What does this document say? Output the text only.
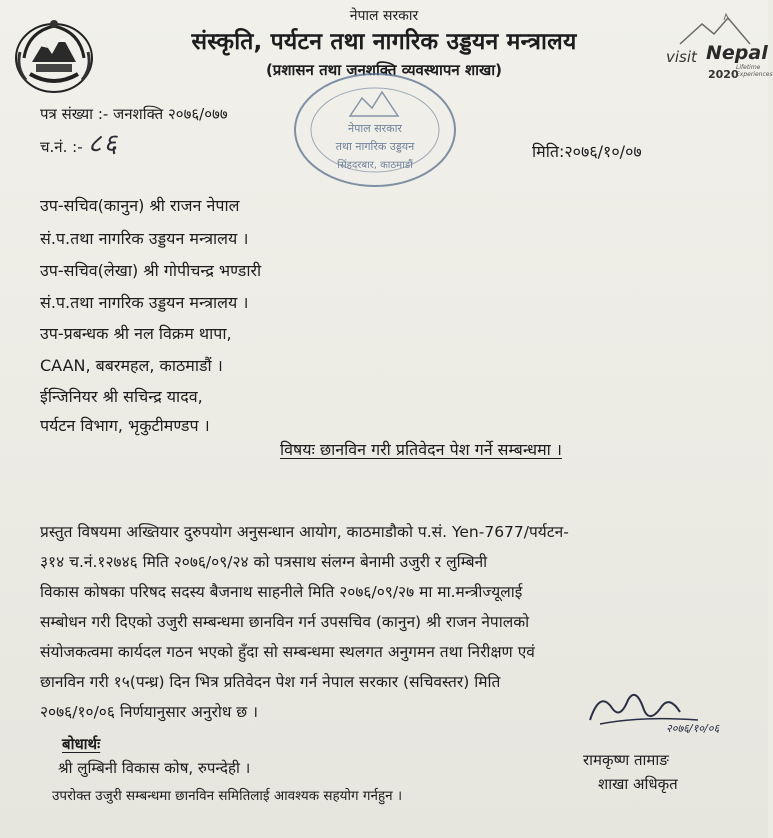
नेपाल सरकार
संस्कृति, पर्यटन तथा नागरिक उड्डयन मन्त्रालय
(प्रशासन तथा जनशक्ति व्यवस्थापन शाखा)
visit Nepal
2020
Lifetime Experiences
नेपाल सरकार
तथा नागरिक उड्डयन
सिंहदरबार, काठमाडौं
पत्र संख्या :- जनशक्ति २०७६/०७७
च.नं. :- ८६	मिति:२०७६/१०/०७
उप-सचिव(कानुन) श्री राजन नेपाल
सं.प.तथा नागरिक उड्डयन मन्त्रालय ।
उप-सचिव(लेखा) श्री गोपीचन्द्र भण्डारी
सं.प.तथा नागरिक उड्डयन मन्त्रालय ।
उप-प्रबन्धक श्री नल विक्रम थापा,
CAAN, बबरमहल, काठमाडौं ।
ईन्जिनियर श्री सचिन्द्र यादव,
पर्यटन विभाग, भृकुटीमण्डप ।
विषयः छानविन गरी प्रतिवेदन पेश गर्ने सम्बन्धमा ।
प्रस्तुत विषयमा अख्तियार दुरुपयोग अनुसन्धान आयोग, काठमाडौको प.सं. Yen-7677/पर्यटन-
३१४ च.नं.१२७४६ मिति २०७६/०९/२४ को पत्रसाथ संलग्न बेनामी उजुरी र लुम्बिनी
विकास कोषका परिषद सदस्य बैजनाथ साहनीले मिति २०७६/०९/२७ मा मा.मन्त्रीज्यूलाई
सम्बोधन गरी दिएको उजुरी सम्बन्धमा छानविन गर्न उपसचिव (कानुन) श्री राजन नेपालको
संयोजकत्वमा कार्यदल गठन भएको हुँदा सो सम्बन्धमा स्थलगत अनुगमन तथा निरीक्षण एवं
छानविन गरी १५(पन्ध्र) दिन भित्र प्रतिवेदन पेश गर्न नेपाल सरकार (सचिवस्तर) मिति
२०७६/१०/०६ निर्णयानुसार अनुरोध छ ।
२०७६/१०/०६
रामकृष्ण तामाङ
शाखा अधिकृत
बोधार्थः
श्री लुम्बिनी विकास कोष, रुपन्देही ।
उपरोक्त उजुरी सम्बन्धमा छानविन समितिलाई आवश्यक सहयोग गर्नहुन ।
